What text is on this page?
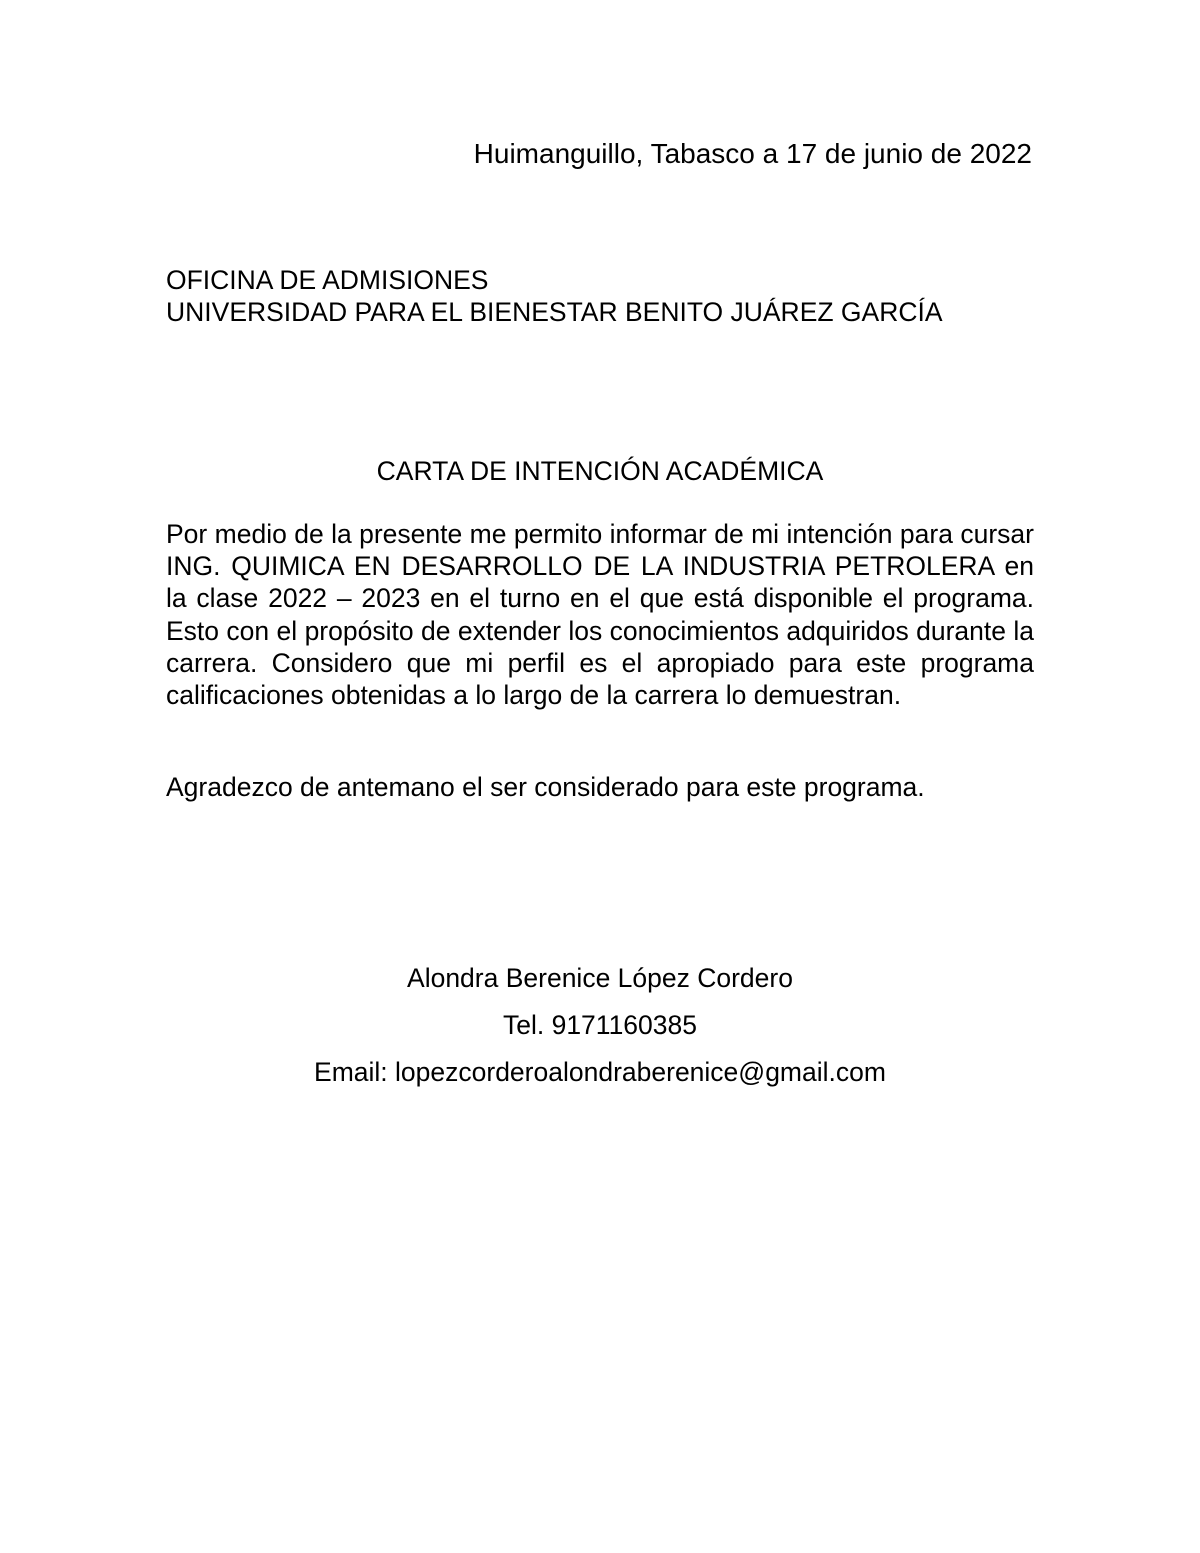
Huimanguillo, Tabasco a 17 de junio de 2022
OFICINA DE ADMISIONES
UNIVERSIDAD PARA EL BIENESTAR BENITO JUÁREZ GARCÍA
CARTA DE INTENCIÓN ACADÉMICA

Por medio de la presente me permito informar de mi intención para cursar ING. QUIMICA EN DESARROLLO DE LA INDUSTRIA PETROLERA en la clase 2022 – 2023 en el turno en el que está disponible el programa. Esto con el propósito de extender los conocimientos adquiridos durante la carrera. Considero que mi perfil es el apropiado para este programa calificaciones obtenidas a lo largo de la carrera lo demuestran.

Agradezco de antemano el ser considerado para este programa.

Alondra Berenice López Cordero
Tel. 9171160385
Email: lopezcorderoalondraberenice@gmail.com
